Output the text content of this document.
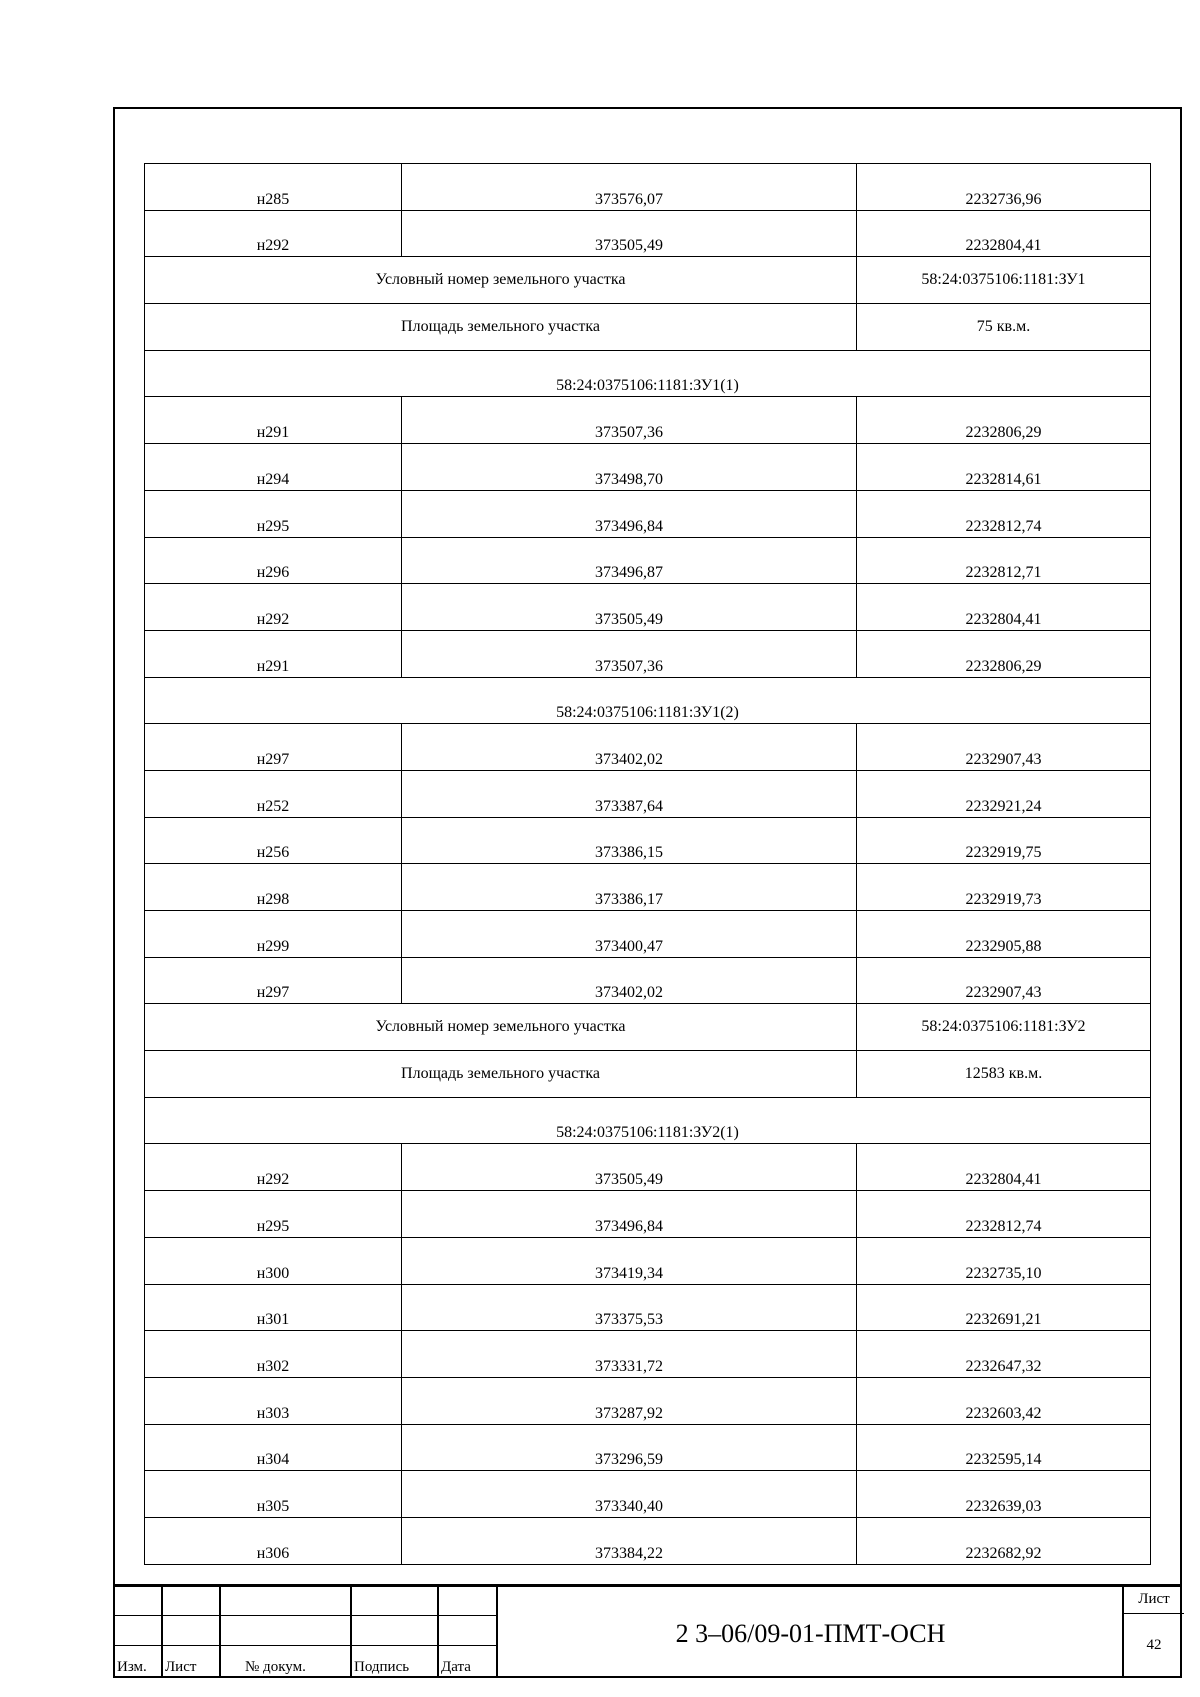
н285	373576,07	2232736,96
н292	373505,49	2232804,41
Условный номер земельного участка		58:24:0375106:1181:ЗУ1
Площадь земельного участка		75 кв.м.
58:24:0375106:1181:ЗУ1(1)		
н291	373507,36	2232806,29
н294	373498,70	2232814,61
н295	373496,84	2232812,74
н296	373496,87	2232812,71
н292	373505,49	2232804,41
н291	373507,36	2232806,29
58:24:0375106:1181:ЗУ1(2)		
н297	373402,02	2232907,43
н252	373387,64	2232921,24
н256	373386,15	2232919,75
н298	373386,17	2232919,73
н299	373400,47	2232905,88
н297	373402,02	2232907,43
Условный номер земельного участка		58:24:0375106:1181:ЗУ2
Площадь земельного участка		12583 кв.м.
58:24:0375106:1181:ЗУ2(1)		
н292	373505,49	2232804,41
н295	373496,84	2232812,74
н300	373419,34	2232735,10
н301	373375,53	2232691,21
н302	373331,72	2232647,32
н303	373287,92	2232603,42
н304	373296,59	2232595,14
н305	373340,40	2232639,03
н306	373384,22	2232682,92

Изм.	Лист	№ докум.	Подпись	Дата
2 3–06/09-01-ПМТ-ОСН
Лист
42
